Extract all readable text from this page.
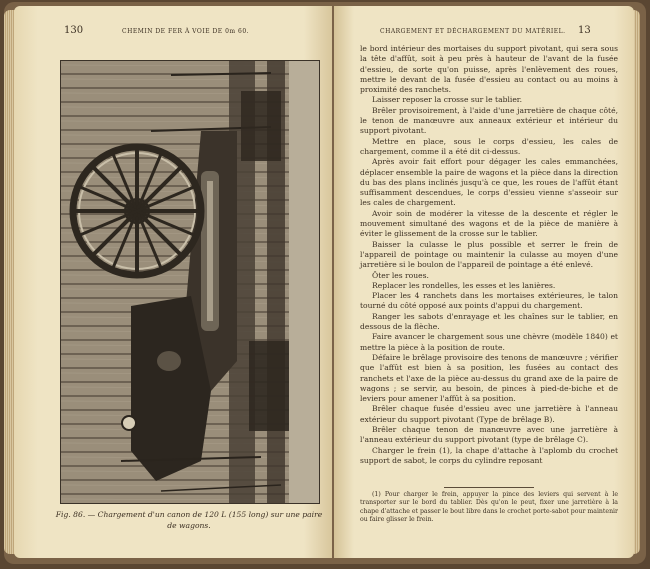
130	CHEMIN DE FER À VOIE DE 0m 60.
Fig. 86. — Chargement d'un canon de 120 L (155 long) sur une paire de wagons.
CHARGEMENT ET DÉCHARGEMENT DU MATÉRIEL. 13

le bord intérieur des mortaises du support pivotant, qui sera sous la tête d'affût, soit à peu près à hauteur de l'avant de la fusée d'essieu, de sorte qu'on puisse, après l'enlèvement des roues, mettre le devant de la fusée d'essieu au contact ou au moins à proximité des ranchets.

Laisser reposer la crosse sur le tablier.

Brêler provisoirement, à l'aide d'une jarretière de chaque côté, le tenon de manœuvre aux anneaux extérieur et intérieur du support pivotant.

Mettre en place, sous le corps d'essieu, les cales de chargement, comme il a été dit ci-dessus.

Après avoir fait effort pour dégager les cales emmanchées, déplacer ensemble la paire de wagons et la pièce dans la direction du bas des plans inclinés jusqu'à ce que, les roues de l'affût étant suffisamment descendues, le corps d'essieu vienne s'asseoir sur les cales de chargement.

Avoir soin de modérer la vitesse de la descente et régler le mouvement simultané des wagons et de la pièce de manière à éviter le glissement de la crosse sur le tablier.

Baisser la culasse le plus possible et serrer le frein de l'appareil de pointage ou maintenir la culasse au moyen d'une jarretière si le boulon de l'appareil de pointage a été enlevé.

Ôter les roues.

Replacer les rondelles, les esses et les lanières.

Placer les 4 ranchets dans les mortaises extérieures, le talon tourné du côté opposé aux points d'appui du chargement.

Ranger les sabots d'enrayage et les chaînes sur le tablier, en dessous de la flèche.

Faire avancer le chargement sous une chèvre (modèle 1840) et mettre la pièce à la position de route.

Défaire le brêlage provisoire des tenons de manœuvre ; vérifier que l'affût est bien à sa position, les fusées au contact des ranchets et l'axe de la pièce au-dessus du grand axe de la paire de wagons ; se servir, au besoin, de pinces à pied-de-biche et de leviers pour amener l'affût à sa position.

Brêler chaque fusée d'essieu avec une jarretière à l'anneau extérieur du support pivotant (Type de brêlage B).

Brêler chaque tenon de manœuvre avec une jarretière à l'anneau extérieur du support pivotant (type de brêlage C).

Charger le frein (1), la chape d'attache à l'aplomb du crochet support de sabot, le corps du cylindre reposant

(1) Pour charger le frein, appuyer la pince des leviers qui servent à le transporter sur le bord du tablier. Dès qu'on le peut, fixer une jarretière à la chape d'attache et passer le bout libre dans le crochet porte-sabot pour maintenir ou faire glisser le frein.
